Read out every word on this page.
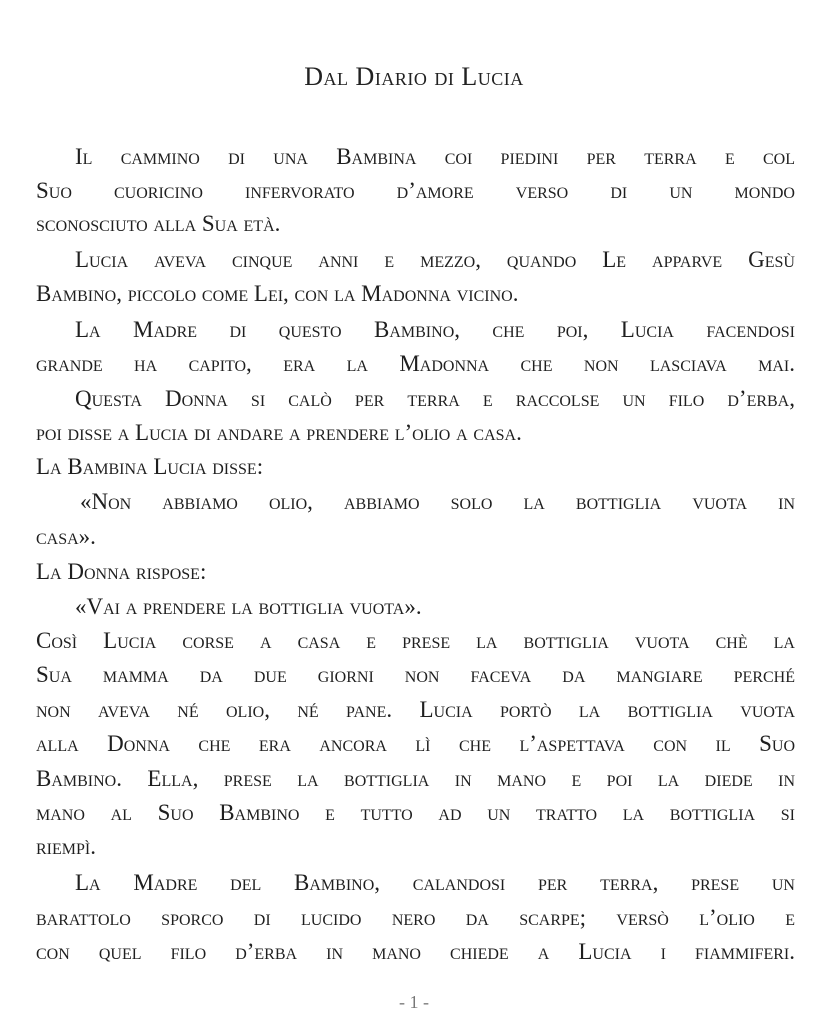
Dal Diario di Lucia
Il cammino di una Bambina coi piedini per terra e col
Suo cuoricino infervorato d’amore verso di un mondo
sconosciuto alla Sua età.
Lucia aveva cinque anni e mezzo, quando Le apparve Gesù
Bambino, piccolo come Lei, con la Madonna vicino.
La Madre di questo Bambino, che poi, Lucia facendosi
grande ha capito, era la Madonna che non lasciava mai.
Questa Donna si calò per terra e raccolse un filo d’erba,
poi disse a Lucia di andare a prendere l’olio a casa.
La Bambina Lucia disse:
«Non abbiamo olio, abbiamo solo la bottiglia vuota in
casa».
La Donna rispose:
«Vai a prendere la bottiglia vuota».
Così Lucia corse a casa e prese la bottiglia vuota chè la
Sua mamma da due giorni non faceva da mangiare perché
non aveva né olio, né pane. Lucia portò la bottiglia vuota
alla Donna che era ancora lì che l’aspettava con il Suo
Bambino. Ella, prese la bottiglia in mano e poi la diede in
mano al Suo Bambino e tutto ad un tratto la bottiglia si
riempì.
La Madre del Bambino, calandosi per terra, prese un
barattolo sporco di lucido nero da scarpe; versò l’olio e
con quel filo d’erba in mano chiede a Lucia i fiammiferi.
- 1 -
